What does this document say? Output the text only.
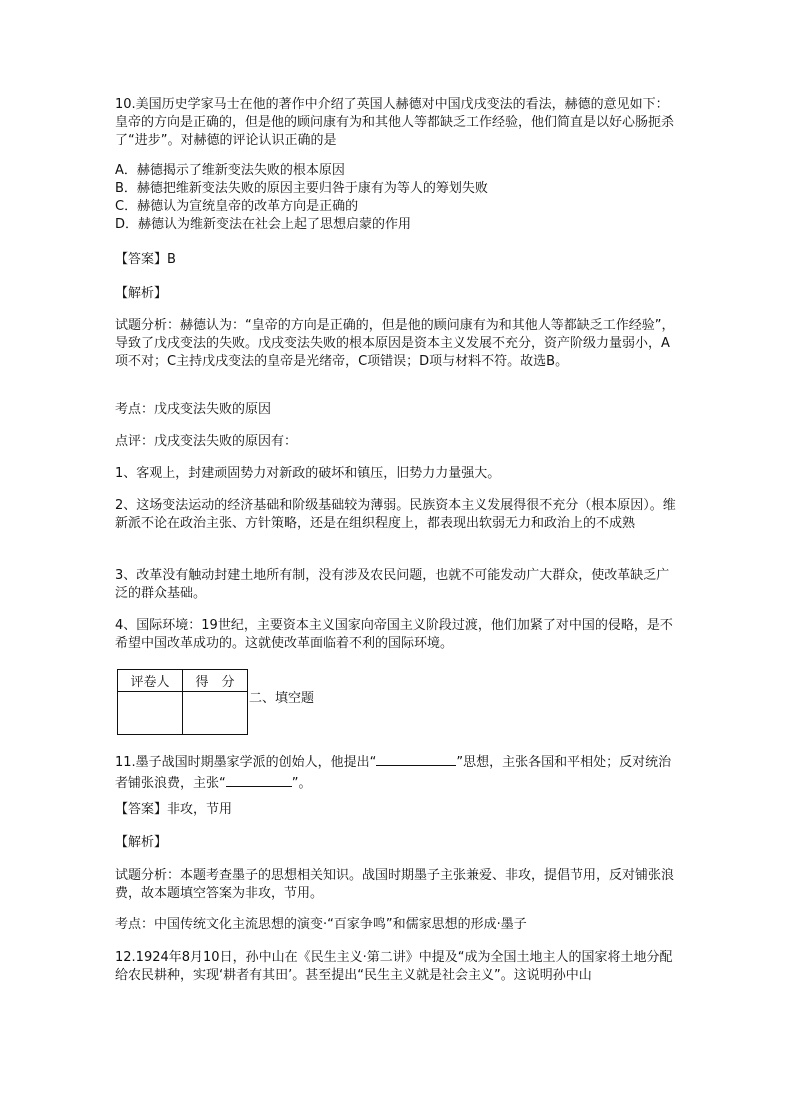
10.美国历史学家马士在他的著作中介绍了英国人赫德对中国戊戌变法的看法，赫德的意见如下：皇帝的方向是正确的，但是他的顾问康有为和其他人等都缺乏工作经验，他们简直是以好心肠扼杀了“进步”。对赫德的评论认识正确的是

A．赫德揭示了维新变法失败的根本原因
B．赫德把维新变法失败的原因主要归咎于康有为等人的筹划失败
C．赫德认为宣统皇帝的改革方向是正确的
D．赫德认为维新变法在社会上起了思想启蒙的作用

【答案】B

【解析】

试题分析：赫德认为：“皇帝的方向是正确的，但是他的顾问康有为和其他人等都缺乏工作经验”，导致了戊戌变法的失败。戊戌变法失败的根本原因是资本主义发展不充分，资产阶级力量弱小，A项不对；C主持戊戌变法的皇帝是光绪帝，C项错误；D项与材料不符。故选B。

考点：戊戌变法失败的原因

点评：戊戌变法失败的原因有：

1、客观上，封建顽固势力对新政的破坏和镇压，旧势力力量强大。

2、这场变法运动的经济基础和阶级基础较为薄弱。民族资本主义发展得很不充分（根本原因）。维新派不论在政治主张、方针策略，还是在组织程度上，都表现出软弱无力和政治上的不成熟

3、改革没有触动封建土地所有制，没有涉及农民问题，也就不可能发动广大群众，使改革缺乏广泛的群众基础。

4、国际环境：19世纪，主要资本主义国家向帝国主义阶段过渡，他们加紧了对中国的侵略，是不希望中国改革成功的。这就使改革面临着不利的国际环境。

评卷人	得　分

二、填空题

11.墨子战国时期墨家学派的创始人，他提出“	”思想，主张各国和平相处；反对统治者铺张浪费，主张“	”。

【答案】非攻，节用

【解析】

试题分析：本题考查墨子的思想相关知识。战国时期墨子主张兼爱、非攻，提倡节用，反对铺张浪费，故本题填空答案为非攻，节用。

考点：中国传统文化主流思想的演变·“百家争鸣”和儒家思想的形成·墨子

12.1924年8月10日，孙中山在《民生主义·第二讲》中提及“成为全国土地主人的国家将土地分配给农民耕种，实现‘耕者有其田’。甚至提出“民生主义就是社会主义”。这说明孙中山
